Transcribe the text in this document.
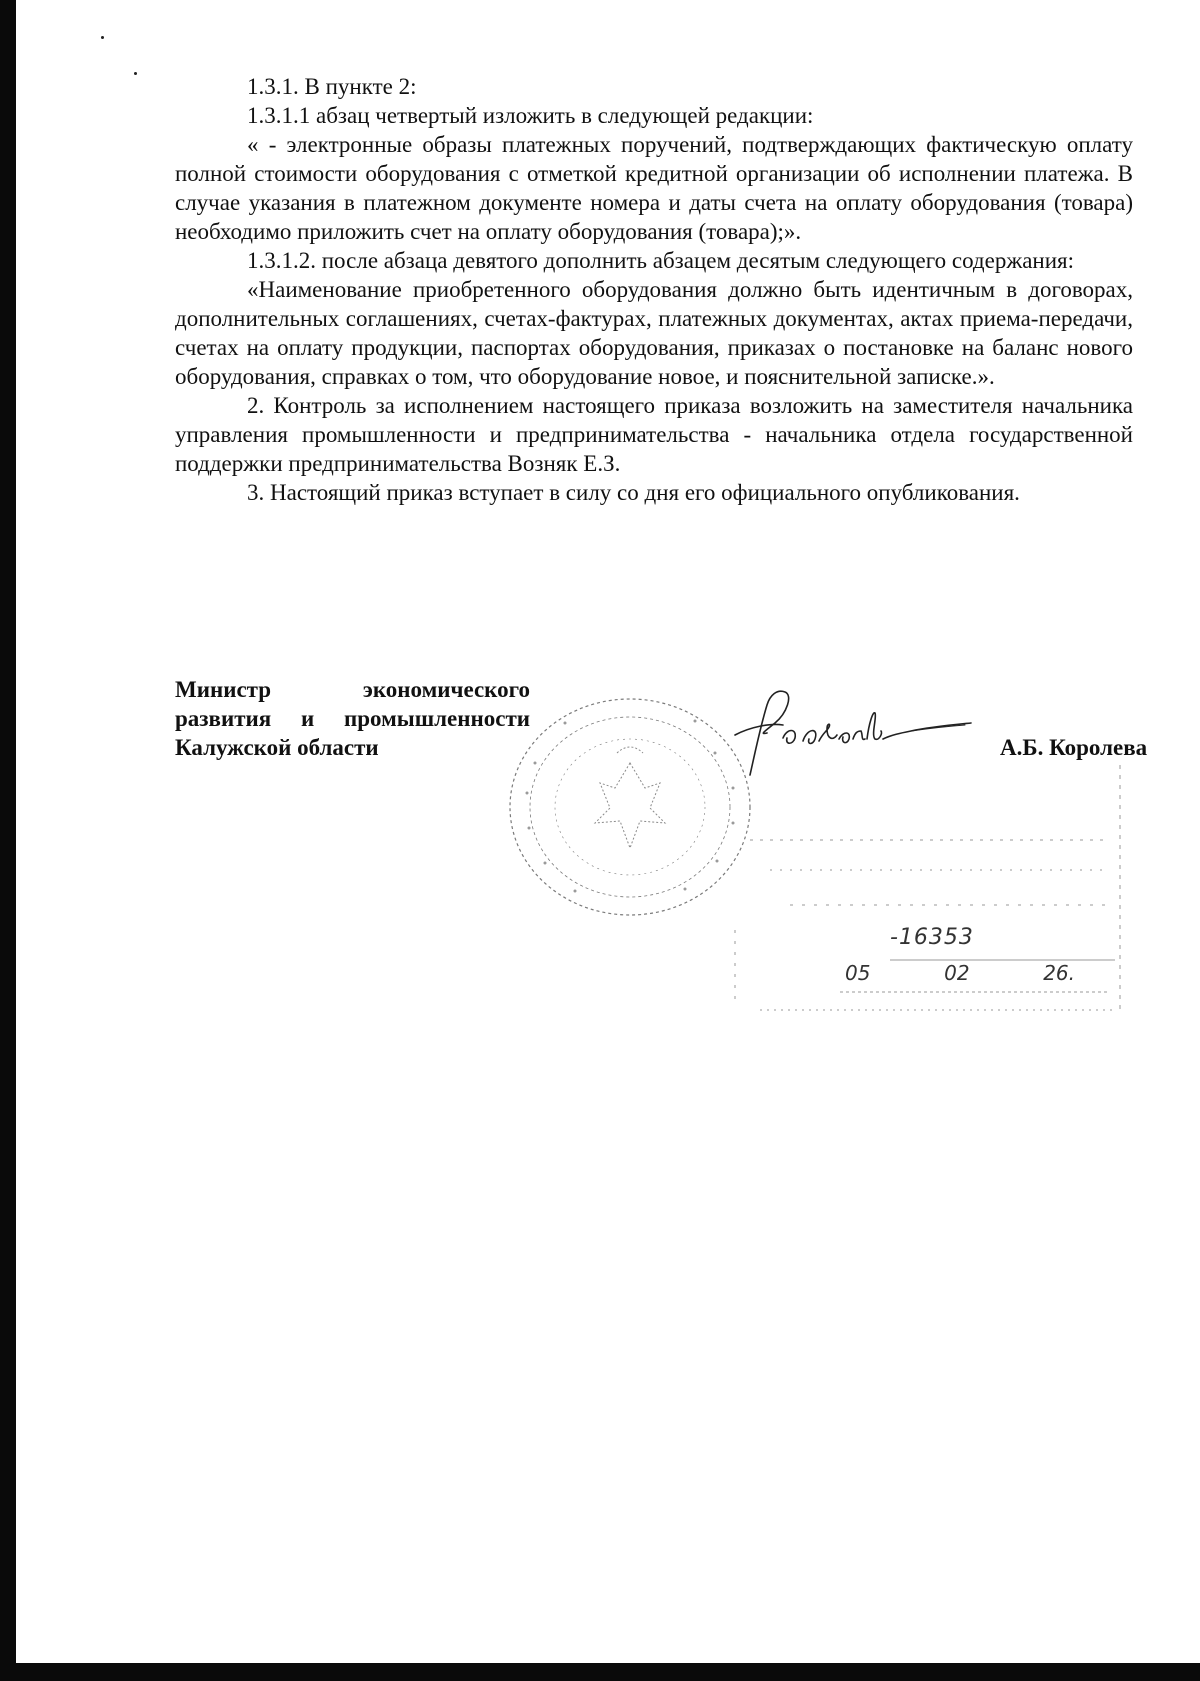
1.3.1. В пункте 2:

1.3.1.1 абзац четвертый изложить в следующей редакции:

« - электронные образы платежных поручений, подтверждающих фактическую оплату полной стоимости оборудования с отметкой кредитной организации об исполнении платежа. В случае указания в платежном документе номера и даты счета на оплату оборудования (товара) необходимо приложить счет на оплату оборудования (товара);».

1.3.1.2. после абзаца девятого дополнить абзацем десятым следующего содержания:

«Наименование приобретенного оборудования должно быть идентичным в договорах, дополнительных соглашениях, счетах-фактурах, платежных документах, актах приема-передачи, счетах на оплату продукции, паспортах оборудования, приказах о постановке на баланс нового оборудования, справках о том, что оборудование новое, и пояснительной записке.».

2. Контроль за исполнением настоящего приказа возложить на заместителя начальника управления промышленности и предпринимательства - начальника отдела государственной поддержки предпринимательства Возняк Е.З.

3. Настоящий приказ вступает в силу со дня его официального опубликования.

Министр экономического
развития и промышленности
Калужской области	А.Б. Королева
-16353
05	02	26.
